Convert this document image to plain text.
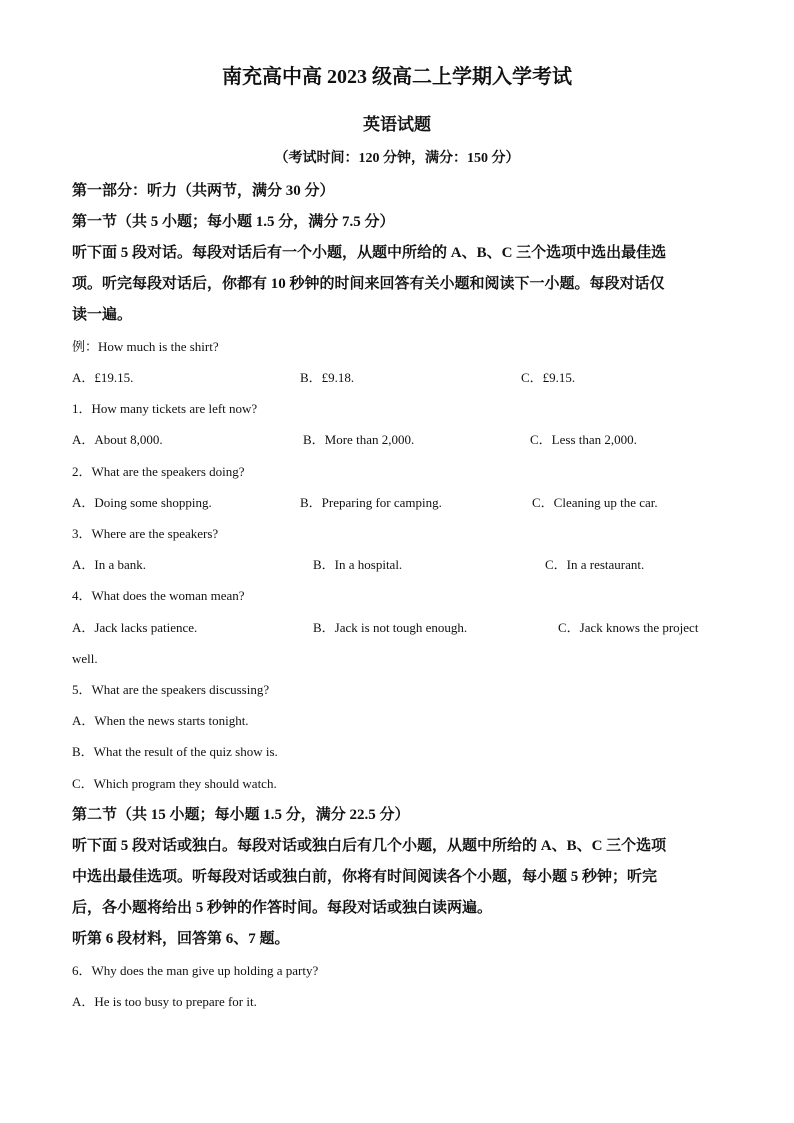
南充高中高 2023 级高二上学期入学考试
英语试题
（考试时间：120 分钟，满分：150 分）
第一部分：听力（共两节，满分 30 分）
第一节（共 5 小题；每小题 1.5 分，满分 7.5 分）
听下面 5 段对话。每段对话后有一个小题，从题中所给的 A、B、C 三个选项中选出最佳选
项。听完每段对话后，你都有 10 秒钟的时间来回答有关小题和阅读下一小题。每段对话仅
读一遍。
例：How much is the shirt?
A．£19.15.	B．£9.18.	C．£9.15.
1．How many tickets are left now?
A．About 8,000.	B．More than 2,000.	C．Less than 2,000.
2．What are the speakers doing?
A．Doing some shopping.	B．Preparing for camping.	C．Cleaning up the car.
3．Where are the speakers?
A．In a bank.	B．In a hospital.	C．In a restaurant.
4．What does the woman mean?
A．Jack lacks patience.	B．Jack is not tough enough.	C．Jack knows the project
well.
5．What are the speakers discussing?
A．When the news starts tonight.
B．What the result of the quiz show is.
C．Which program they should watch.
第二节（共 15 小题；每小题 1.5 分，满分 22.5 分）
听下面 5 段对话或独白。每段对话或独白后有几个小题，从题中所给的 A、B、C 三个选项
中选出最佳选项。听每段对话或独白前，你将有时间阅读各个小题，每小题 5 秒钟；听完
后，各小题将给出 5 秒钟的作答时间。每段对话或独白读两遍。
听第 6 段材料，回答第 6、7 题。
6．Why does the man give up holding a party?
A．He is too busy to prepare for it.
